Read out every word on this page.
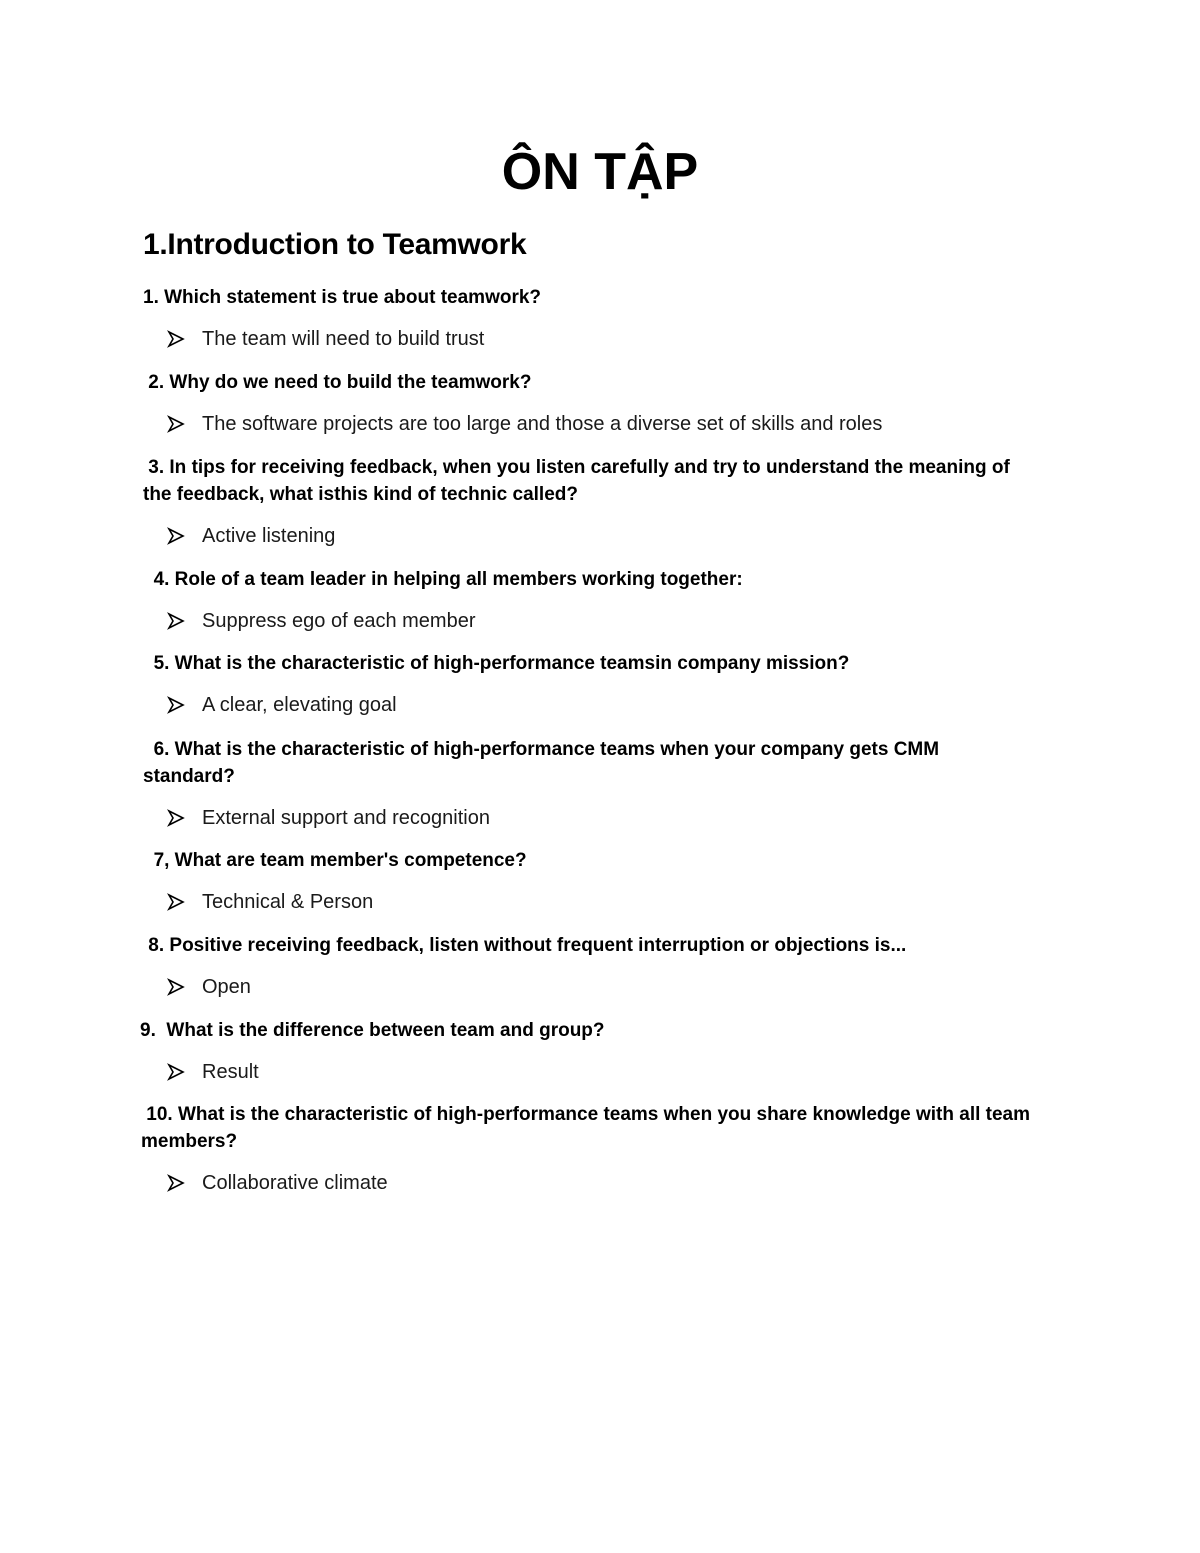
ÔN TẬP
1.Introduction to Teamwork

1. Which statement is true about teamwork?

The team will need to build trust

2. Why do we need to build the teamwork?

The software projects are too large and those a diverse set of skills and roles

3. In tips for receiving feedback, when you listen carefully and try to understand the meaning of the feedback, what isthis kind of technic called?

Active listening

4. Role of a team leader in helping all members working together:

Suppress ego of each member

5. What is the characteristic of high-performance teamsin company mission?

A clear, elevating goal

6. What is the characteristic of high-performance teams when your company gets CMM standard?

External support and recognition

7, What are team member's competence?

Technical & Person

8. Positive receiving feedback, listen without frequent interruption or objections is...

Open

9.  What is the difference between team and group?

Result

10. What is the characteristic of high-performance teams when you share knowledge with all team members?

Collaborative climate
